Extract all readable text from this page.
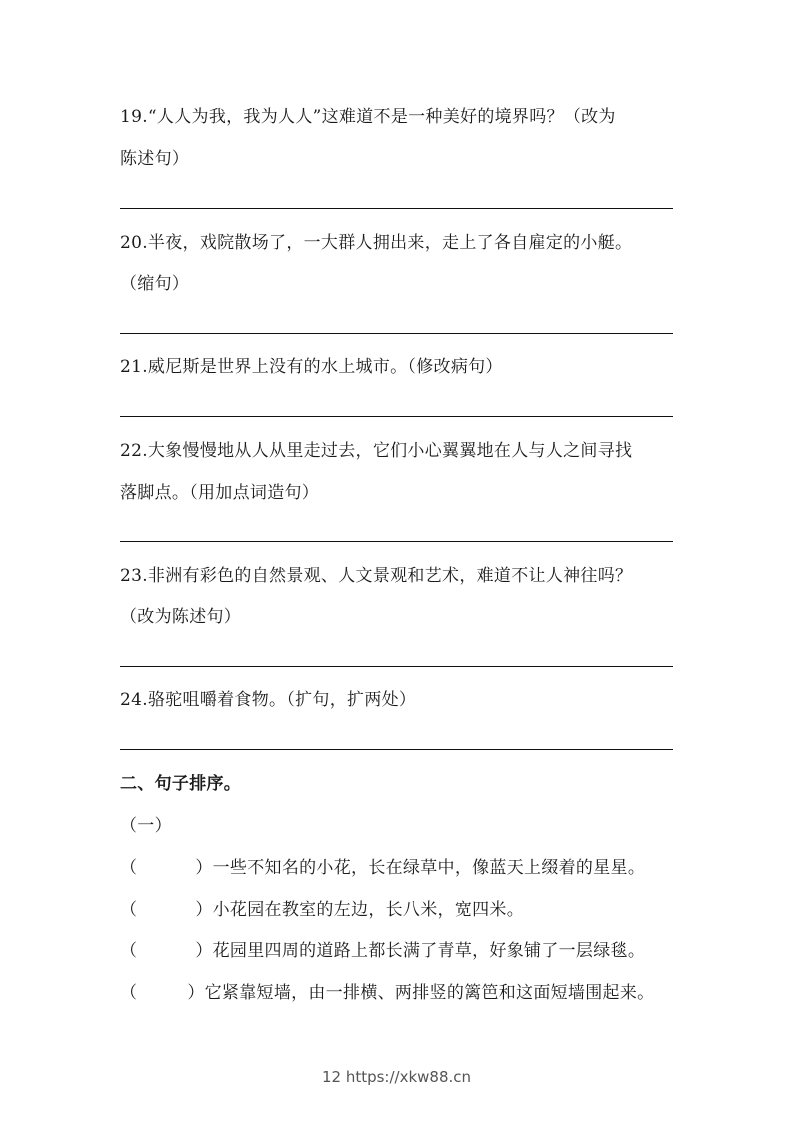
19.“人人为我，我为人人”这难道不是一种美好的境界吗？（改为
陈述句）
20.半夜，戏院散场了，一大群人拥出来，走上了各自雇定的小艇。
（缩句）
21.威尼斯是世界上没有的水上城市。（修改病句）
22.大象慢慢地从人从里走过去，它们小心翼翼地在人与人之间寻找
落脚点。（用加点词造句）
23.非洲有彩色的自然景观、人文景观和艺术，难道不让人神往吗？
（改为陈述句）
24.骆驼咀嚼着食物。（扩句，扩两处）
二、句子排序。
（一）
（	）一些不知名的小花，长在绿草中，像蓝天上缀着的星星。
（	）小花园在教室的左边，长八米，宽四米。
（	）花园里四周的道路上都长满了青草，好象铺了一层绿毯。
（	）它紧靠短墙，由一排横、两排竖的篱笆和这面短墙围起来。
12 https://xkw88.cn
